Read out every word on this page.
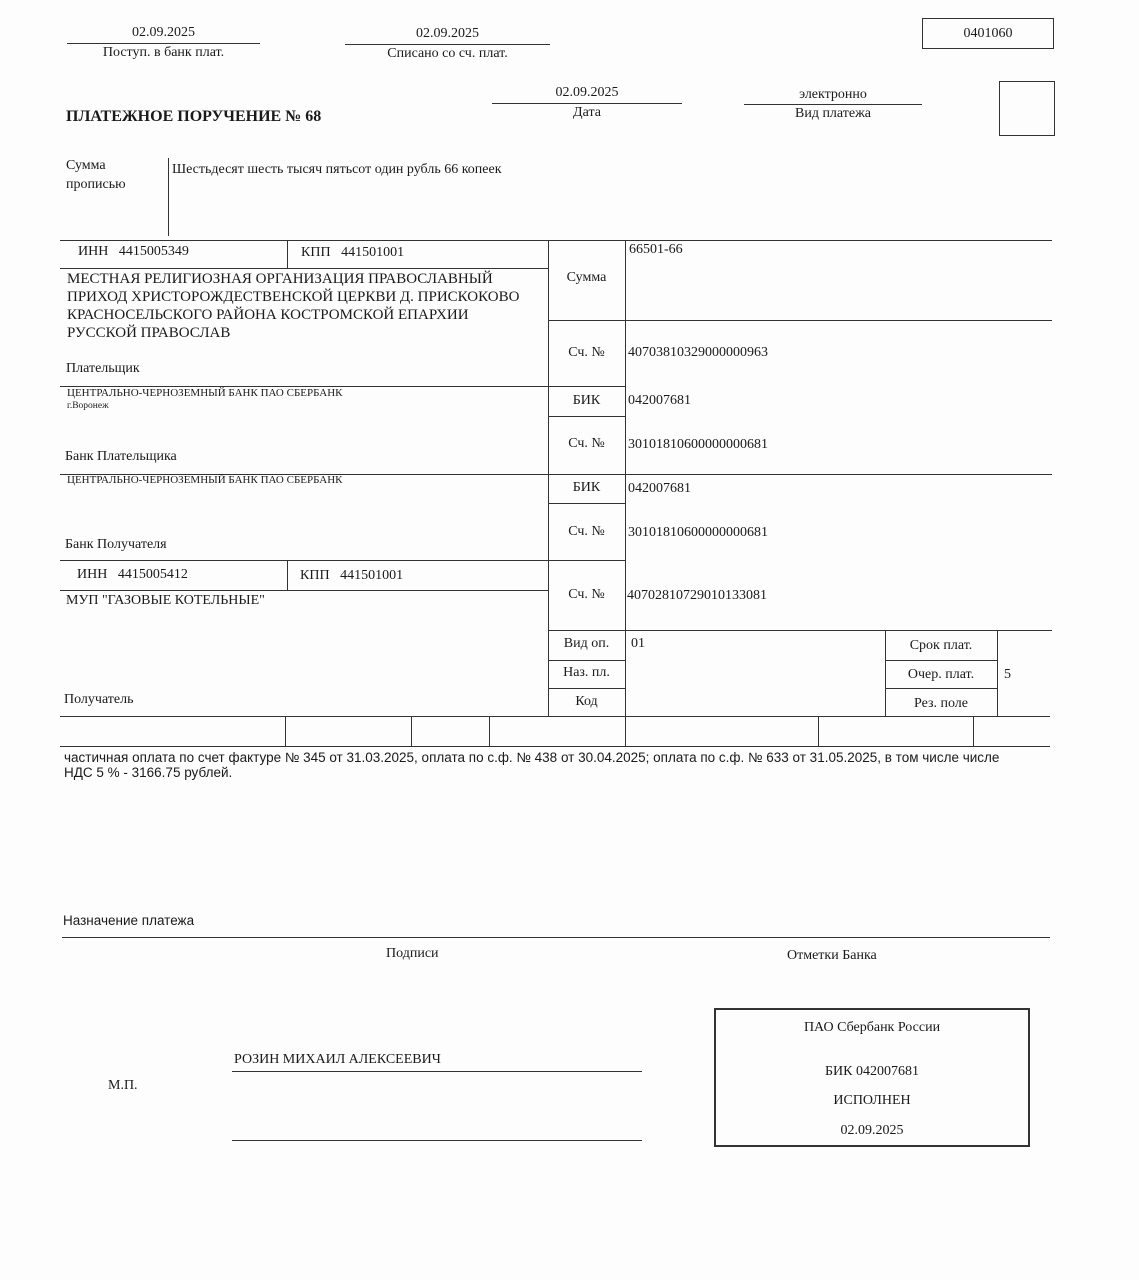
02.09.2025
Поступ. в банк плат.
02.09.2025
Списано со сч. плат.
0401060
ПЛАТЕЖНОЕ ПОРУЧЕНИЕ № 68
02.09.2025
Дата
электронно
Вид платежа
Сумма
прописью
Шестьдесят шесть тысяч пятьсот один рубль 66 копеек
ИНН 4415005349	КПП 441501001
МЕСТНАЯ РЕЛИГИОЗНАЯ ОРГАНИЗАЦИЯ ПРАВОСЛАВНЫЙ
ПРИХОД ХРИСТОРОЖДЕСТВЕНСКОЙ ЦЕРКВИ Д. ПРИСКОКОВО
КРАСНОСЕЛЬСКОГО РАЙОНА КОСТРОМСКОЙ ЕПАРХИИ
РУССКОЙ ПРАВОСЛАВ
Плательщик
Сумма
66501-66
Сч. №	40703810329000000963
ЦЕНТРАЛЬНО-ЧЕРНОЗЕМНЫЙ БАНК ПАО СБЕРБАНК
г.Воронеж
Банк Плательщика
БИК	042007681
Сч. №	30101810600000000681
ЦЕНТРАЛЬНО-ЧЕРНОЗЕМНЫЙ БАНК ПАО СБЕРБАНК
Банк Получателя
БИК	042007681
Сч. №	30101810600000000681
ИНН 4415005412	КПП 441501001
МУП "ГАЗОВЫЕ КОТЕЛЬНЫЕ"
Получатель
Сч. №	40702810729010133081
Вид оп.	01
Наз. пл.
Код
Срок плат.
Очер. плат.	5
Рез. поле
частичная оплата по счет фактуре № 345 от 31.03.2025, оплата по с.ф. № 438 от 30.04.2025; оплата по с.ф. № 633 от 31.05.2025, в том числе числе
НДС 5 % - 3166.75 рублей.
Назначение платежа
Подписи	Отметки Банка
РОЗИН МИХАИЛ АЛЕКСЕЕВИЧ
М.П.
ПАО Сбербанк России
БИК 042007681
ИСПОЛНЕН
02.09.2025
